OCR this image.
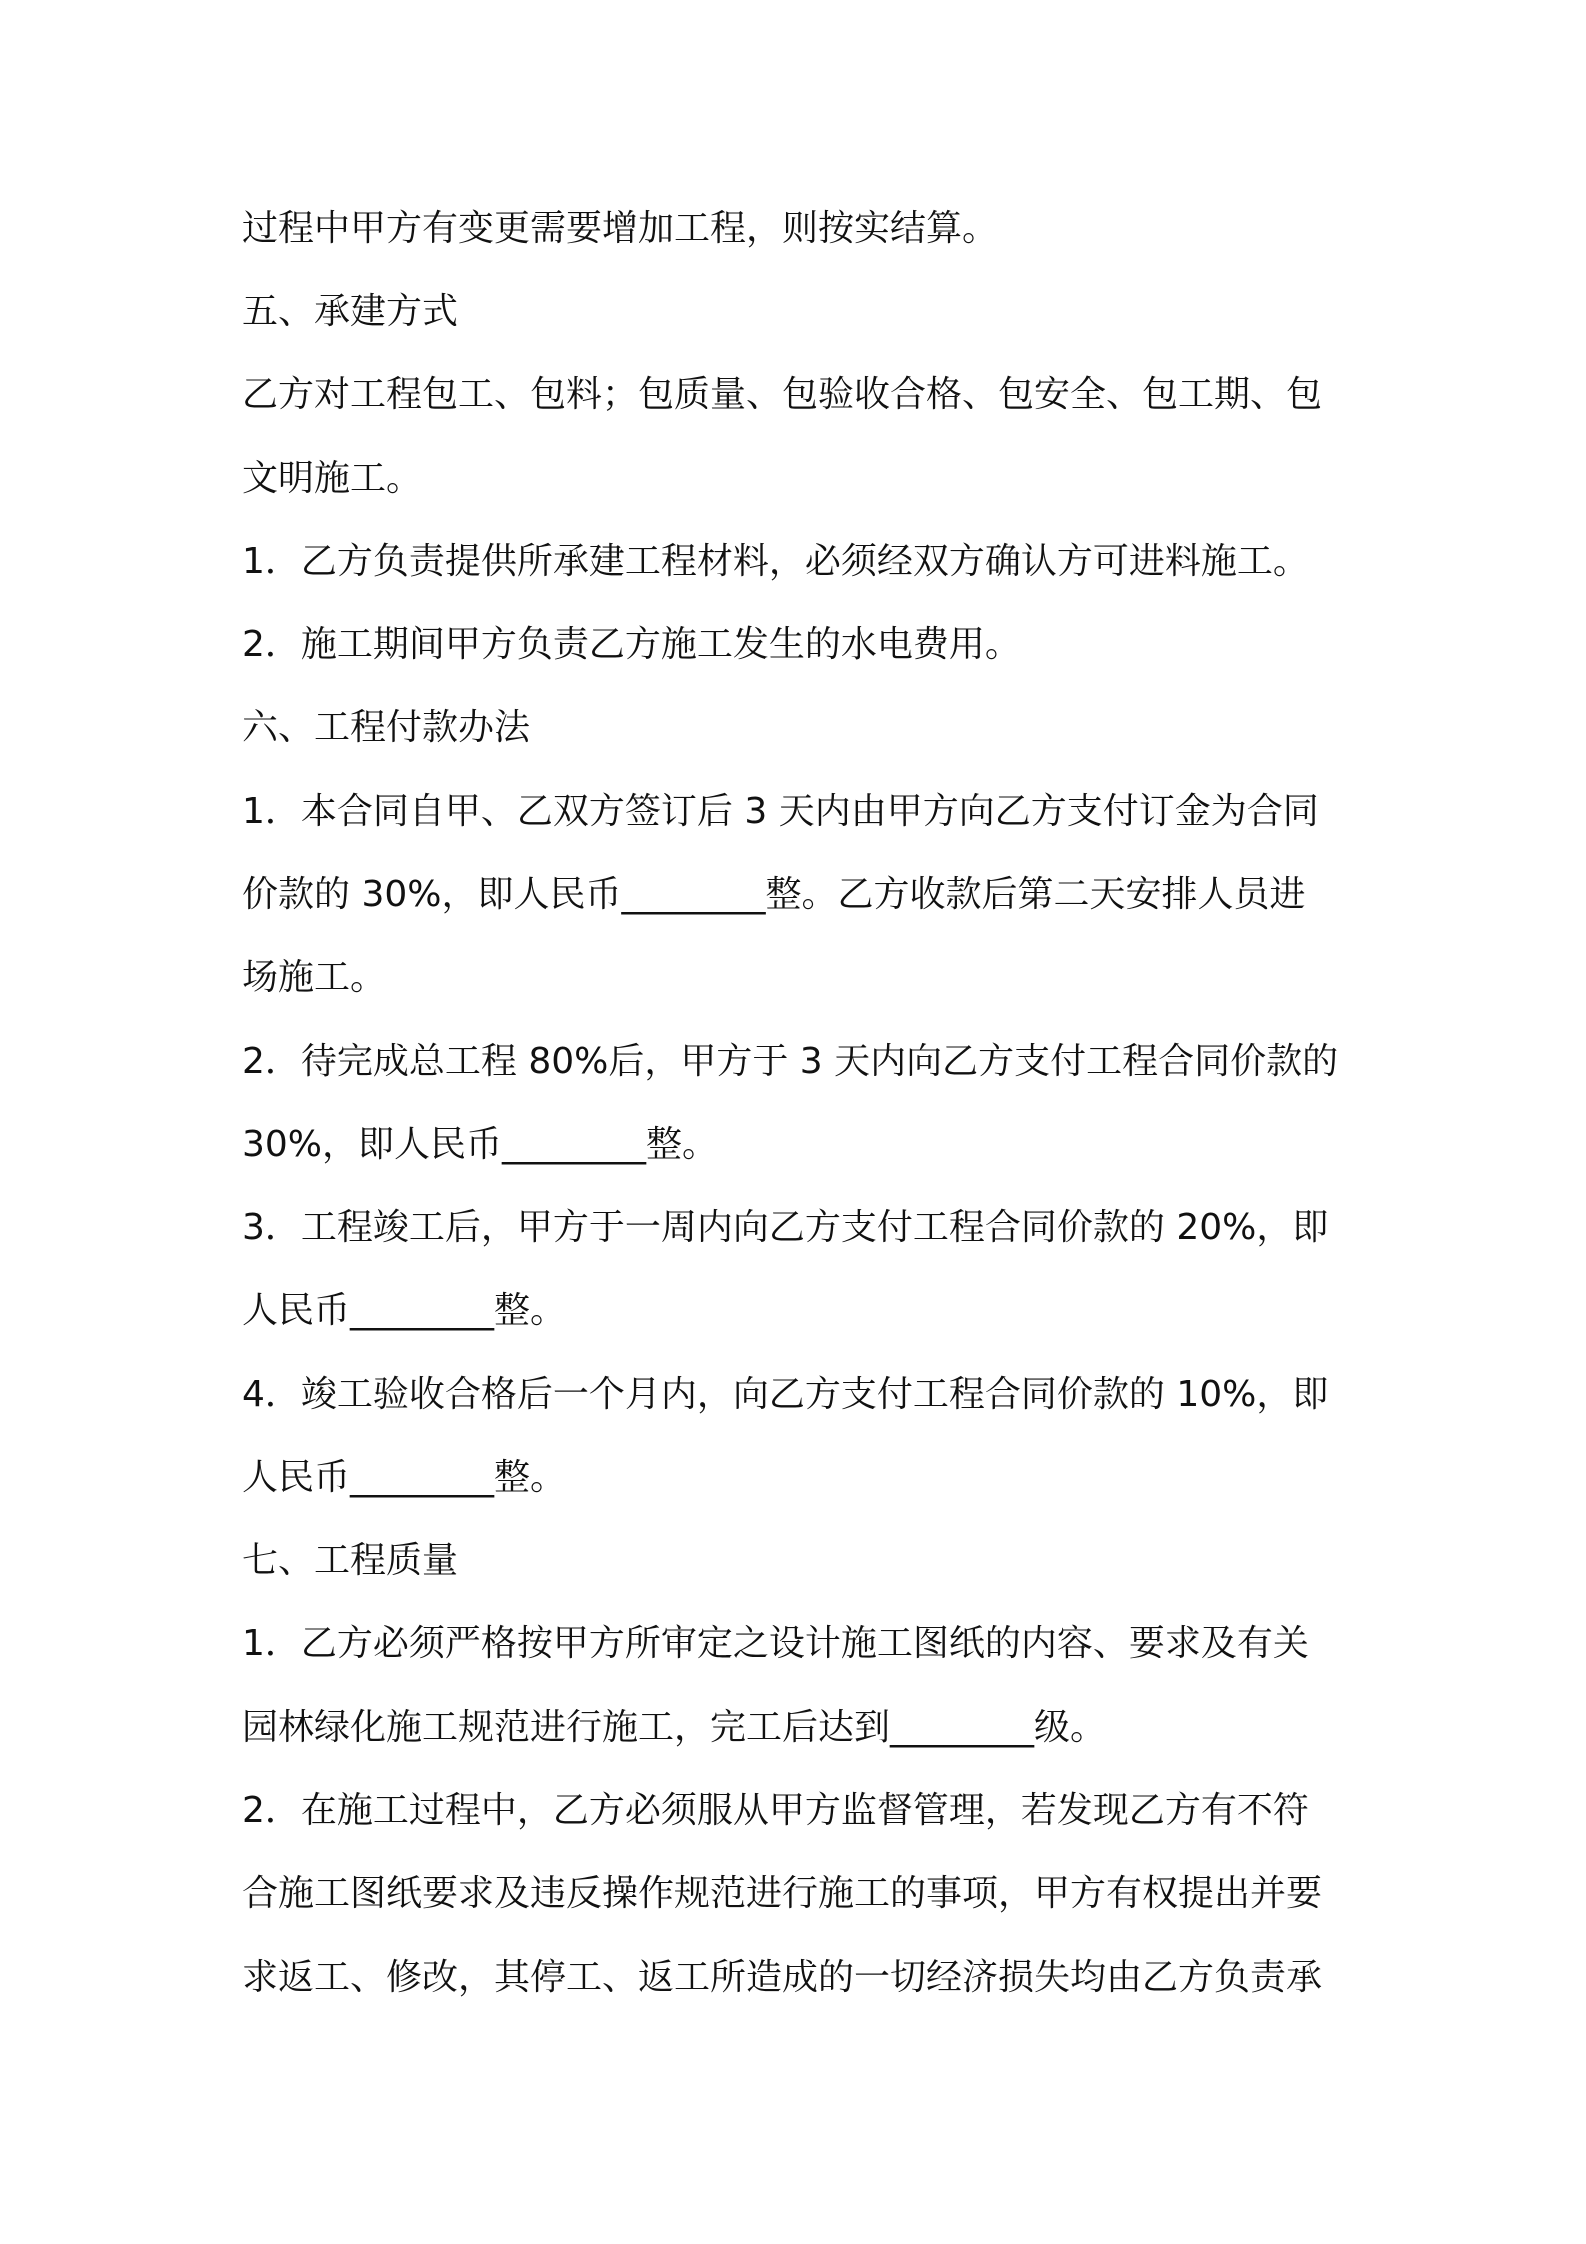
过程中甲方有变更需要增加工程，则按实结算。

五、承建方式

乙方对工程包工、包料；包质量、包验收合格、包安全、包工期、包

文明施工。

1．乙方负责提供所承建工程材料，必须经双方确认方可进料施工。

2．施工期间甲方负责乙方施工发生的水电费用。

六、工程付款办法

1．本合同自甲、乙双方签订后 3 天内由甲方向乙方支付订金为合同

价款的 30%，即人民币________整。乙方收款后第二天安排人员进

场施工。

2．待完成总工程 80%后，甲方于 3 天内向乙方支付工程合同价款的

30%，即人民币________整。

3．工程竣工后，甲方于一周内向乙方支付工程合同价款的 20%，即

人民币________整。

4．竣工验收合格后一个月内，向乙方支付工程合同价款的 10%，即

人民币________整。

七、工程质量

1．乙方必须严格按甲方所审定之设计施工图纸的内容、要求及有关

园林绿化施工规范进行施工，完工后达到________级。

2．在施工过程中，乙方必须服从甲方监督管理，若发现乙方有不符

合施工图纸要求及违反操作规范进行施工的事项，甲方有权提出并要

求返工、修改，其停工、返工所造成的一切经济损失均由乙方负责承
